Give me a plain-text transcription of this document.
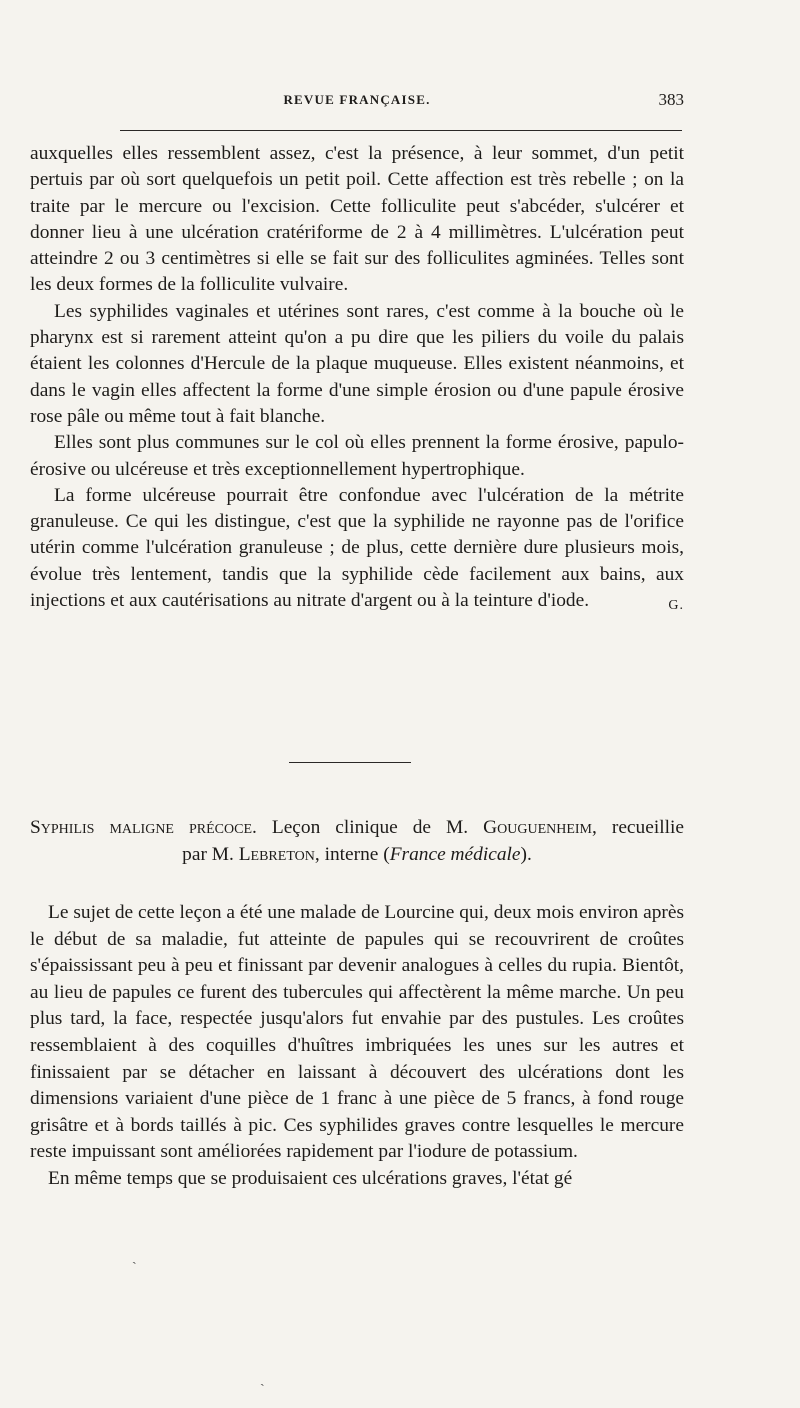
REVUE FRANÇAISE.	383

auxquelles elles ressemblent assez, c'est la présence, à leur sommet, d'un petit pertuis par où sort quelquefois un petit poil. Cette affection est très rebelle ; on la traite par le mercure ou l'excision. Cette folliculite peut s'abcéder, s'ulcérer et donner lieu à une ulcération cratériforme de 2 à 4 millimètres. L'ulcération peut atteindre 2 ou 3 centimètres si elle se fait sur des folliculites agminées. Telles sont les deux formes de la folliculite vulvaire.

Les syphilides vaginales et utérines sont rares, c'est comme à la bouche où le pharynx est si rarement atteint qu'on a pu dire que les piliers du voile du palais étaient les colonnes d'Hercule de la plaque muqueuse. Elles existent néanmoins, et dans le vagin elles affectent la forme d'une simple érosion ou d'une papule érosive rose pâle ou même tout à fait blanche.

Elles sont plus communes sur le col où elles prennent la forme érosive, papulo-érosive ou ulcéreuse et très exceptionnellement hypertrophique.

La forme ulcéreuse pourrait être confondue avec l'ulcération de la métrite granuleuse. Ce qui les distingue, c'est que la syphilide ne rayonne pas de l'orifice utérin comme l'ulcération granuleuse ; de plus, cette dernière dure plusieurs mois, évolue très lentement, tandis que la syphilide cède facilement aux bains, aux injections et aux cautérisations au nitrate d'argent ou à la teinture d'iode.	G.

Syphilis maligne précoce. Leçon clinique de M. Gouguenheim, recueillie
par M. Lebreton, interne (France médicale).

Le sujet de cette leçon a été une malade de Lourcine qui, deux mois environ après le début de sa maladie, fut atteinte de papules qui se recouvrirent de croûtes s'épaississant peu à peu et finissant par devenir analogues à celles du rupia. Bientôt, au lieu de papules ce furent des tubercules qui affectèrent la même marche. Un peu plus tard, la face, respectée jusqu'alors fut envahie par des pustules. Les croûtes ressemblaient à des coquilles d'huîtres imbriquées les unes sur les autres et finissaient par se détacher en laissant à découvert des ulcérations dont les dimensions variaient d'une pièce de 1 franc à une pièce de 5 francs, à fond rouge grisâtre et à bords taillés à pic. Ces syphilides graves contre lesquelles le mercure reste impuissant sont améliorées rapidement par l'iodure de potassium.

En même temps que se produisaient ces ulcérations graves, l'état gé

ˎ
ˏ
